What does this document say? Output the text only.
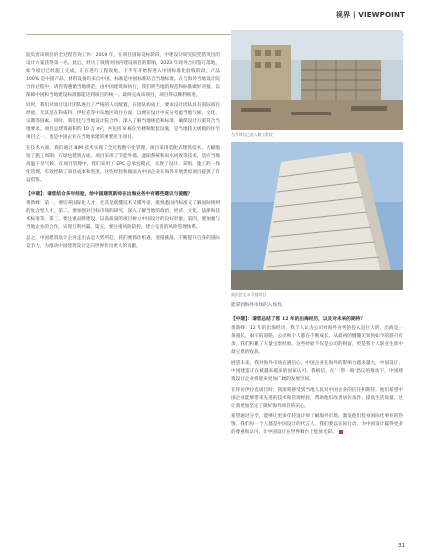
视界 | VIEWPOINT

院负责该项目的全过程咨询工作：2019 年，在项目国际竞标阶段，中建设计研究院凭借突出的设计方案获得第一名。此后，经历了疫情对国内建设项目的影响，2023 年商务合同签订落地，如今项目已经施工完成，正在进行工程收尾，下半年开始将进入中国标准化验收阶段，产品 100% 是中国产品，材料设备均来自中国，标准是中国标准结合当地标准。在与海外当地设计院合作过程中，请咨询遵循当地规范，由中国建筑师执行，我们将当地的规范和标准做好对接，以保障中国和当地建设标准都能达到项目的统一。最终完成该项目，项目得以顺利推进。

同时，我们对项目设计团队进行了严格的人员配置，在团队构成上，要求设计团队具有国际项目经验，尤其是在科威特、伊拉克等中东地区项目方面，以便在设计中充分考虑当地气候、文化、宗教等因素。同时，我们还与当地设计院合作，深入了解当地规范和标准，确保设计方案符合当地要求。项目总建筑面积约 10 万 m²，共包括 8 栋住宅楼和配套设施，是当地较大规模的住宅项目之一，也是中国企业在当地承建的重要民生项目。

在技术方面，我们通过 BIM 技术实现了全过程数字化管理。项目采用装配式建筑技术，大幅缩短了施工周期；在绿色建筑方面，项目采用了节能外墙、遮阳系统和雨水回收等技术，适应当地高温干旱气候。在项目管理中，我们采用了 EPC 总承包模式，实现了设计、采购、施工的一体化管理，有效控制了项目成本和进度。这些经验和做法为中国企业在海外开展类似项目提供了有益借鉴。

【中建】：请您结合多年经验，给中国建筑新师在出海业务中有哪些建议与提醒？

黄新峰：第一，要培养国际化人才，尤其是既懂技术又懂外语、既熟悉国内标准又了解国际规则的复合型人才。第二，要加强对目标市场的研究，深入了解当地的政治、经济、文化、法律和技术标准等。第三，要注重品牌建设，以高质量的项目树立中国设计的良好形象。第四，要加强与当地企业的合作，实现互利共赢。第五，要注重风险防控，建立完善的风险管理体系。

总之，中国建筑设计企业走出去是大势所趋，我们要抓住机遇，迎接挑战，不断提升自身的国际竞争力，为推动中国建筑设计走向世界作出更大的贡献。

当今项目已进入竣工阶段
高层住宅 5 号楼项目

能拿到海外市场的入场券。

【中建】：请您总结了您 12 年的出海经历，以及对未来的期待？

黄新峰：12 年的出海经历，我个人认为公司对海外业务的投入是巨大的，出海是一条漫长、艰辛的道路，公司和个人都在不断成长。从最初的懵懂无知到如今的游刃有余，我们积累了大量宝贵经验。这些经验不仅是公司的财富，更是我个人职业生涯中最宝贵的收获。

展望未来，我对海外市场充满信心。中国企业在海外的影响力越来越大，中国设计、中国建造正在被越来越多的国家认可。我相信，在'一带一路'倡议的推动下，中国建筑设计企业将迎来更加广阔的发展空间。

在拜访伊拉克项目时，我深刻感受到当地人民对中国企业的信任和期待。他们希望中国企业能够带来先进的技术和管理经验，帮助他们改善居住条件、提高生活质量。这让我更加坚定了做好海外项目的决心。

希望通过分享，能够让更多年轻设计师了解海外市场，激发他们投身国际化事业的热情。我们每一个人都是中国设计的代言人，我们要以实际行动，为中国设计赢得更多的尊重和认可，让中国设计在世界舞台上绽放光彩。

31
